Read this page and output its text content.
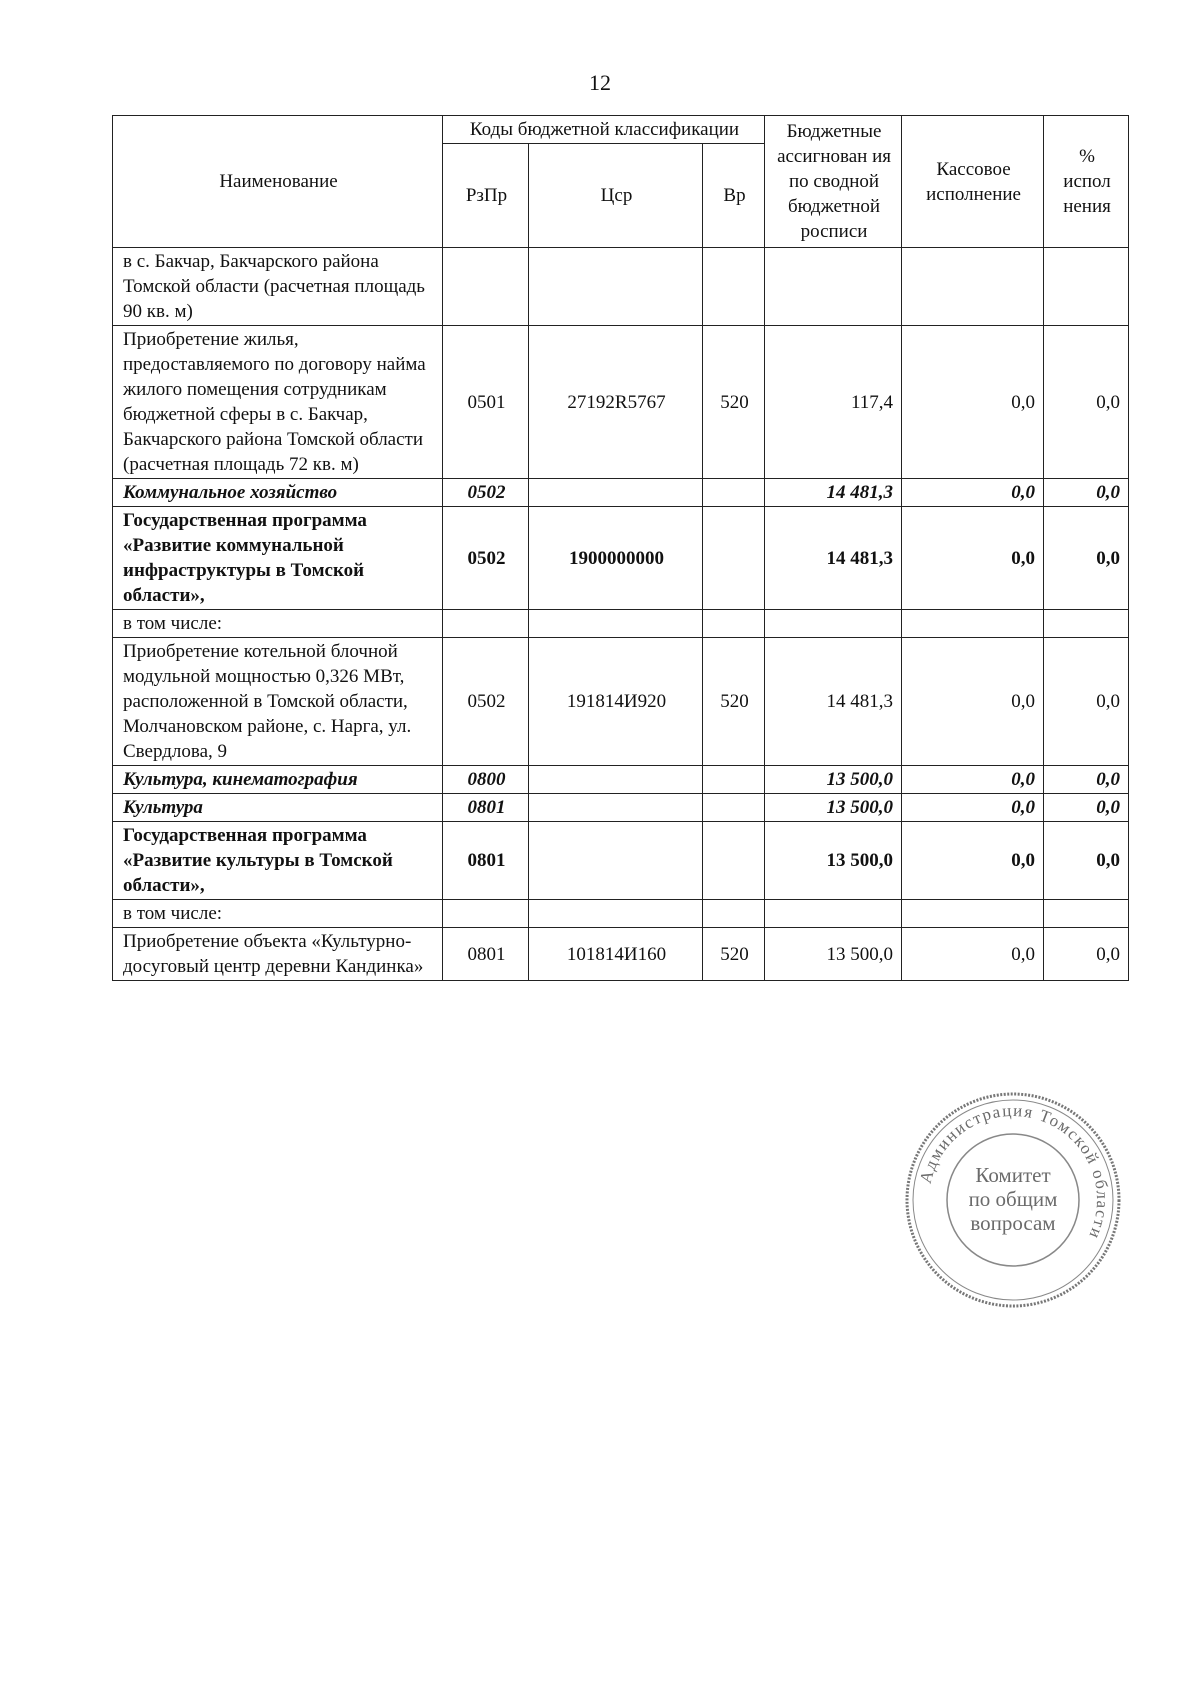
12
Наименование	Коды бюджетной классификации			Бюджетные ассигнован ия по сводной бюджетной росписи	Кассовое исполнение	% испол нения
	РзПр	Цср	Вр			
в с. Бакчар, Бакчарского района Томской области (расчетная площадь 90 кв. м)						
Приобретение жилья, предоставляемого по договору найма жилого помещения сотрудникам бюджетной сферы в с. Бакчар, Бакчарского района Томской области (расчетная площадь 72 кв. м)	0501	27192R5767	520	117,4	0,0	0,0
Коммунальное хозяйство	0502			14 481,3	0,0	0,0
Государственная программа «Развитие коммунальной инфраструктуры в Томской области»,	0502	1900000000		14 481,3	0,0	0,0
в том числе:						
Приобретение котельной блочной модульной мощностью 0,326 МВт, расположенной в Томской области, Молчановском районе, с. Нарга, ул. Свердлова, 9	0502	191814И920	520	14 481,3	0,0	0,0
Культура, кинематография	0800			13 500,0	0,0	0,0
Культура	0801			13 500,0	0,0	0,0
Государственная программа «Развитие культуры в Томской области»,	0801			13 500,0	0,0	0,0
в том числе:						
Приобретение объекта «Культурно-досуговый центр деревни Кандинка»	0801	101814И160	520	13 500,0	0,0	0,0
Администрация Томской области
Комитет
по общим
вопросам
